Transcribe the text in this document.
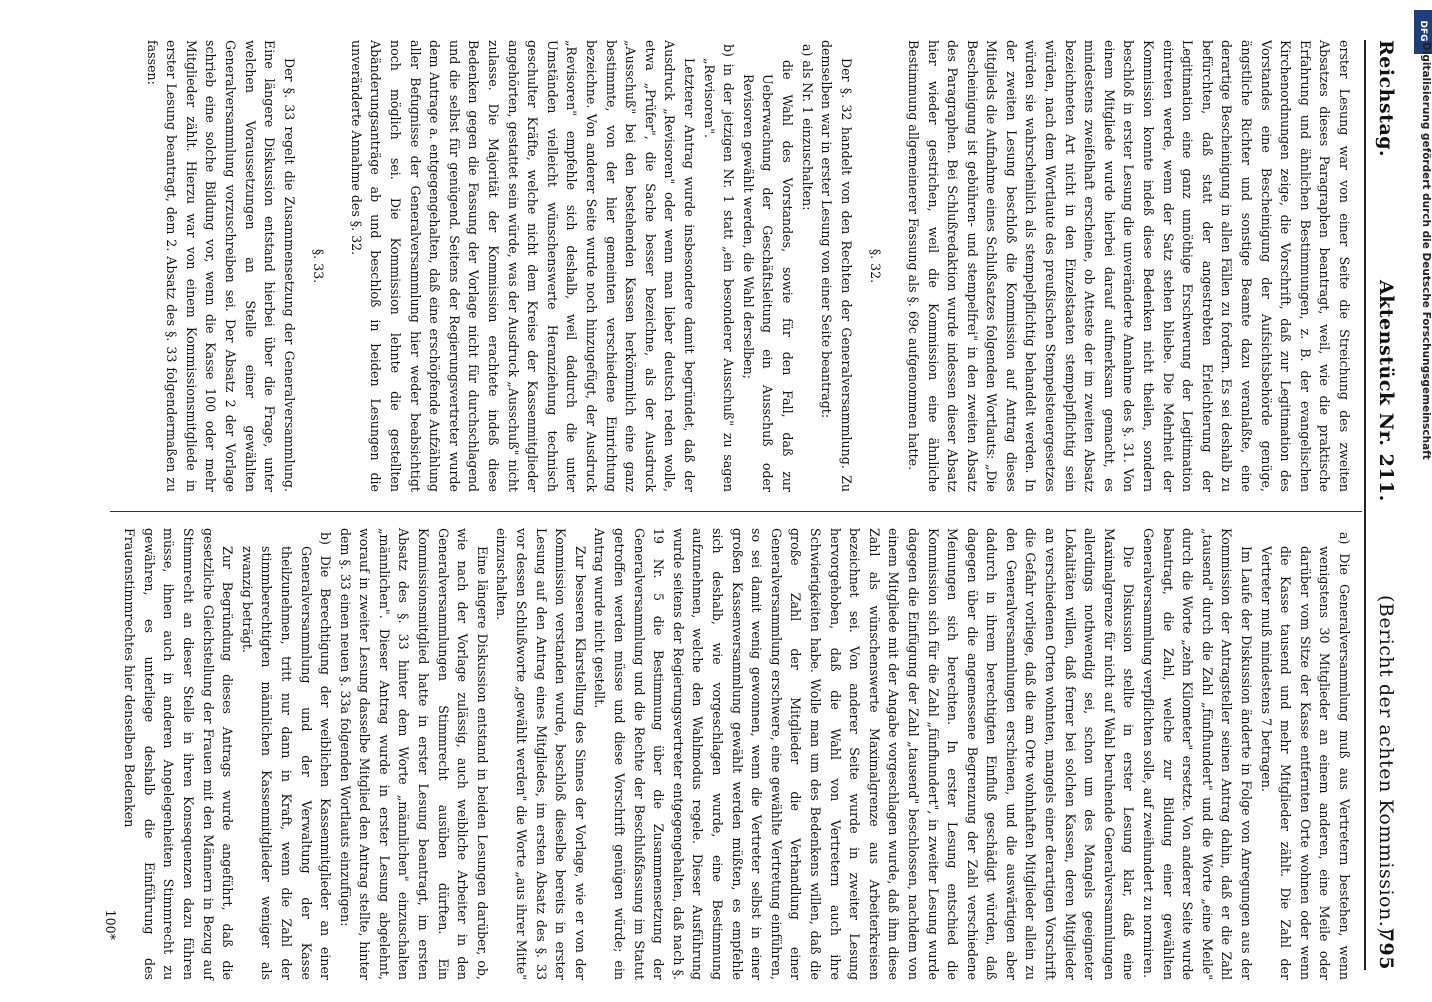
Reichstag.
Aktenstück Nr. 211.
(Bericht der achten Kommission.)
795

erster Lesung war von einer Seite die Streichung des zweiten Absatzes dieses Paragraphen beantragt, weil, wie die praktische Erfahrung und ähnlichen Bestimmungen, z. B. der evangelischen Kirchenordnungen zeige, die Vorschrift, daß zur Legitimation des Vorstandes eine Bescheinigung der Aufsichtsbehörde genüge, ängstliche Richter und sonstige Beamte dazu veranlaßte, eine derartige Bescheinigung in allen Fällen zu fordern. Es sei deshalb zu befürchten, daß statt der angestrebten Erleichterung der Legitimation eine ganz unnöthige Erschwerung der Legitimation eintreten werde, wenn der Satz stehen bliebe. Die Mehrheit der Kommission konnte indeß diese Bedenken nicht theilen, sondern beschloß in erster Lesung die unveränderte Annahme des §. 31. Von einem Mitgliede wurde hierbei darauf aufmerksam gemacht, es mindestens zweifelhaft erscheine, ob Atteste der im zweiten Absatz bezeichneten Art nicht in den Einzelstaaten stempelpflichtig sein würden, nach dem Wortlaute des preußischen Stempelsteuergesetzes würden sie wahrscheinlich als stempelpflichtig behandelt werden. In der zweiten Lesung beschloß die Kommission auf Antrag dieses Mitglieds die Aufnahme eines Schlußsatzes folgenden Wortlauts: „Die Bescheinigung ist gebühren- und stempelfrei" in den zweiten Absatz des Paragraphen. Bei Schlußredaktion wurde indessen dieser Absatz hier wieder gestrichen, weil die Kommission eine ähnliche Bestimmung allgemeinerer Fassung als §. 69c aufgenommen hatte.

§. 32.

Der §. 32 handelt von den Rechten der Generalversammlung. Zu demselben war in erster Lesung von einer Seite beantragt:

a) als Nr. 1 einzuschalten:

die Wahl des Vorstandes, sowie für den Fall, daß zur Ueberwachung der Geschäftsleitung ein Ausschuß oder Revisoren gewählt werden, die Wahl derselben;

b) in der jetzigen Nr. 1 statt „ein besonderer Ausschuß" zu sagen „Revisoren".

Letzterer Antrag wurde insbesondere damit begründet, daß der Ausdruck „Revisoren" oder wenn man lieber deutsch reden wolle, etwa „Prüfer", die Sache besser bezeichne, als der Ausdruck „Ausschuß" bei den bestehenden Kassen herkömmlich eine ganz bestimmte, von der hier gemeinten verschiedene Einrichtung bezeichne. Von anderer Seite wurde noch hinzugefügt, der Ausdruck „Revisoren" empfehle sich deshalb, weil dadurch die unter Umständen vielleicht wünschenswerte Heranziehung technisch geschulter Kräfte, welche nicht dem Kreise der Kassenmitglieder angehörten, gestattet sein würde, was der Ausdruck „Ausschuß" nicht zulasse. Die Majorität der Kommission erachtete indeß diese Bedenken gegen die Fassung der Vorlage nicht für durchschlagend und die selbst für genügend. Seitens der Regierungsvertreter wurde dem Antrage a. entgegengehalten, daß eine erschöpfende Aufzählung aller Befugnisse der Generalversammlung hier weder beabsichtigt noch möglich sei. Die Kommission lehnte die gestellten Abänderungsanträge ab und beschloß in beiden Lesungen die unveränderte Annahme des §. 32.

§. 33.

Der §. 33 regelt die Zusammensetzung der Generalversammlung. Eine längere Diskussion entstand hierbei über die Frage, unter welchen Voraussetzungen an Stelle einer gewählten Generalversammlung vorzuschreiben sei. Der Absatz 2 der Vorlage schrieb eine solche Bildung vor, wenn die Kasse 100 oder mehr Mitglieder zählt. Hierzu war von einem Kommissionsmitgliede in erster Lesung beantragt, dem 2. Absatz des §. 33 folgendermaßen zu fassen:

a) Die Generalversammlung muß aus Vertretern bestehen, wenn wenigstens 30 Mitglieder an einem anderen, eine Meile oder darüber vom Sitze der Kasse entfernten Orte wohnen oder wenn die Kasse tausend und mehr Mitglieder zählt. Die Zahl der Vertreter muß mindestens 7 betragen.

Im Laufe der Diskussion änderte in Folge von Anregungen aus der Kommission der Antragsteller seinen Antrag dahin, daß er die Zahl „tausend" durch die Zahl „fünfhundert" und die Worte „eine Meile" durch die Worte „zehn Kilometer" ersetzte. Von anderer Seite wurde beantragt, die Zahl, welche zur Bildung einer gewählten Generalversammlung verpflichten solle, auf zweihundert zu normiren.

Die Diskussion stellte in erster Lesung klar, daß eine Maximalgrenze für nicht auf Wahl beruhende Generalversammlungen allerdings nothwendig sei, schon um des Mangels geeigneter Lokalitäten willen, daß ferner bei solchen Kassen, deren Mitglieder an verschiedenen Orten wohnten, mangels einer derartigen Vorschrift die Gefahr vorliege, daß die am Orte wohnhaften Mitglieder allein zu den Generalversammlungen erschienen, und die auswärtigen aber dadurch in ihrem berechtigten Einfluß geschädigt würden, daß dagegen über die angemessene Begrenzung der Zahl verschiedene Meinungen sich berechten. In erster Lesung entschied die Kommission sich für die Zahl „fünfhundert", in zweiter Lesung wurde dagegen die Einfügung der Zahl „tausend" beschlossen, nachdem von einem Mitgliede mit der Angabe vorgeschlagen wurde, daß ihm diese Zahl als wünschenswerte Maximalgrenze aus Arbeiterkreisen bezeichnet sei. Von anderer Seite wurde in zweiter Lesung hervorgehoben, daß die Wahl von Vertretern auch ihre Schwierigkeiten habe. Wolle man um des Bedenkens willen, daß die große Zahl der Mitglieder die Verhandlung einer Generalversammlung erschwere, eine gewählte Vertretung einführen, so sei damit wenig gewonnen, wenn die Vertreter selbst in einer großen Kassenversammlung gewählt werden müßten, es empfehle sich deshalb, wie vorgeschlagen wurde, eine Bestimmung aufzunehmen, welche den Wahlmodus regele. Dieser Ausführung wurde seitens der Regierungsvertreter entgegengehalten, daß nach §. 19 Nr. 5 die Bestimmung über die Zusammensetzung der Generalversammlung und die Rechte der Beschlußfassung im Statut getroffen werden müsse und diese Vorschrift genügen würde; ein Antrag wurde nicht gestellt.

Zur besseren Klarstellung des Sinnes der Vorlage, wie er von der Kommission verstanden wurde, beschloß dieselbe bereits in erster Lesung auf den Antrag eines Mitgliedes, im ersten Absatz des §. 33 vor dessen Schlußworte „gewählt werden" die Worte „aus ihrer Mitte" einzuschalten.

Eine längere Diskussion entstand in beiden Lesungen darüber, ob, wie nach der Vorlage zulässig, auch weibliche Arbeiter in den Generalversammlungen Stimmrecht ausüben dürften. Ein Kommissionsmitglied hatte in erster Lesung beantragt, im ersten Absatz des §. 33 hinter dem Worte „männlichen" einzuschalten „männlichen". Dieser Antrag wurde in erster Lesung abgelehnt, worauf in zweiter Lesung dasselbe Mitglied den Antrag stellte, hinter dem §. 33 einen neuen §. 33a folgenden Wortlauts einzufügen:

b) Die Berechtigung der weiblichen Kassenmitglieder an einer Generalversammlung und der Verwaltung der Kasse theilzunehmen, tritt nur dann in Kraft, wenn die Zahl der stimmberechtigten männlichen Kassenmitglieder weniger als zwanzig beträgt.

Zur Begründung dieses Antrags wurde angeführt, daß die gesetzliche Gleichstellung der Frauen mit den Männern in Bezug auf Stimmrecht an dieser Stelle in ihren Konsequenzen dazu führen müsse, ihnen auch in anderen Angelegenheiten Stimmrecht zu gewähren, es unterliege deshalb die Einführung des Frauenstimmrechtes hier denselben Bedenken

100*

DFG
Digitalisierung gefördert durch die Deutsche Forschungsgemeinschaft
